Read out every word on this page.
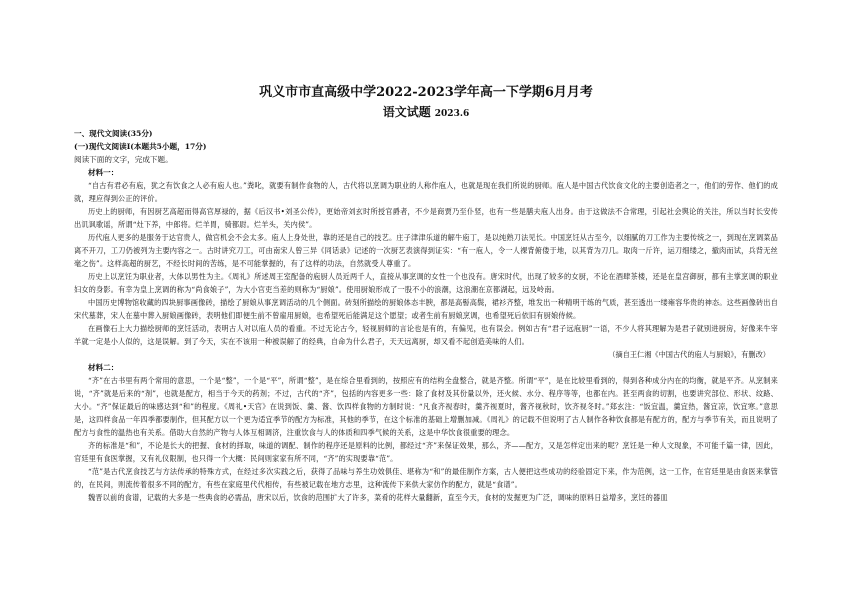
巩义市市直高级中学2022-2023学年高一下学期6月月考

语文试题 2023.6

一、现代文阅读(35分)

(一)现代文阅读I(本题共5小题，17分)

阅读下面的文字，完成下题。

材料一：

“自古有君必有庖，犹之有饮食之人必有庖人也。”粪叱，就要有制作食物的人，古代将以烹调为职业的人称作庖人，也就是现在我们所说的厨师。庖人是中国古代饮食文化的主要创造者之一，他们的劳作、他们的成就，理应得到公正的评价。

历史上的厨师，有因厨艺高超而得高官厚禄的，据《后汉书•刘圣公传》，更始帝刘玄时所授官爵者，不少是商贾乃至仆竖，也有一些是膳夫庖人出身。由于这做法不合常理，引起社会舆论的关注，所以当时长安传出讥讽歌谣，所谓“灶下养，中郎将。烂羊胃，骑都尉。烂羊头，关内侯”。

历代庖人更多的是服务于达官贵人，做官机会不会太多。庖人上身处世，靠的还是自己的技艺。庄子津津乐道的解牛庖丁，是以纯熟刀法见长。中国烹饪从古至今，以细腻的刀工作为主要传统之一，到现在烹调菜品离不开刀，工刀仍被列为主要内容之一。古时讲究刀工，可由南宋人曾三异《同话录》记述的一次厨艺表演得到证实：“有一庖人，令一人裸背俯偻于地，以其背为刀几。取肉一斤许，运刀细缕之，撤肉而试，兵背无丝毫之伤”。这样高超的厨艺，不经长时间的苦练，是不可能掌握的，有了这样的功法，自然就受人尊重了。

历史上以烹饪为职业者，大体以男性为主。《周礼》所述周王室配备的庖厨人员近两千人，直接从事烹调的女性一个也没有。唐宋时代，出现了较多的女厨，不论在酒肆茶楼，还是在皇宫御厨，都有主掌烹调的职业妇女的身影。有幸为皇上烹调的称为“尚食娘子”，为大小官吏当差的则称为“厨娘”。使用厨娘形成了一股不小的浪潮，这浪潮在京都湖起，远及岭南。

中国历史博物馆收藏的四块厨事画像砖，描绘了厨娘从事烹调活动的几个侧面。砖刻所描绘的厨娘体态丰腴，都是高髻高鬓，裙衫齐整，堆发出一种精明干练的气质，甚至透出一缕雍容华贵的神态。这些画像砖出自宋代墓葬，宋人在墓中葬入厨娘画像砖，表明他们即便生前不曾雇用厨娘，也希望死后能满足这个愿望；或者生前有厨娘烹调，也希望死后依旧有厨娘侍候。

在画像石上大力描绘厨师的烹饪活动，表明古人对以庖人员的看重。不过无论古今，轻视厨师的言论也是有的，有偏见，也有误会。例如古有“君子远庖厨”一语，不少人将其理解为是君子就别进厨房，好像来牛宰羊就一定是小人似的，这是误解。到了今天，实在不该用一种被误解了的经典，自命为什么君子，天天远离厨，却又看不起创造美味的人们。

（摘自王仁湘《中国古代的庖人与厨娘》，有删改）

材料二：

“齐”在古书里有两个常用的意思，一个是“整”，一个是“平”，所谓“整”，是在综合里看到的，按照应有的结构全盘整合，就是齐整。所谓“平”，是在比较里看到的，得到各种成分内在的均衡，就是平齐。从烹制来说，“齐”就是后来的“剂”，也就是配方，相当于今天的药剂；不过，古代的“齐”，包括的内容更多一些：除了食材及其份量以外，还火候、水分、程序等等，也都在内。甚至两食的切割，也要讲究部位、形状、纹路、大小。“齐”保证最后的味感达到“和”的程度。《周礼•天官》在说到饭、羹、酱、饮四样食物的方制时说：“凡食齐视春时，羹齐视夏时，酱齐视秋时，饮齐视冬时。”郑玄注：“饭宜温，羹宜热，酱宜凉，饮宜寒。”意思是，这四样食品一年四季都要制作，但其配方以一个更为适宜季节的配方为标准，其他的季节，在这个标准的基础上增删加减。《周礼》的记载不但说明了古人制作各种饮食都是有配方的，配方与季节有关，而且说明了配方与食性的温热也有关系。借助大自然的产物与人体互相调济，注重饮食与人的体质和四季气候的关系，这是中华饮食很重要的理念。

齐的标准是“和”，不论是长大的把握、食材的择取，味道的调配、制作的程序还是原料的比例，都经过“齐”来保证效果，那么，齐——配方，又是怎样定出来的呢？烹饪是一种人文现象，不可能千篇一律，因此，官廷里有食医掌握，又有礼仪限制，也只得一个大概：民间则家家有所不同，“齐”的实现要靠“范”。

“范”是古代烹食技艺与方法传承的特殊方式，在经过多次实践之后，获得了品味与养生功效俱佳、堪称为“和”的最佳制作方案，古人便把这些成功的经验固定下来，作为范例，这一工作，在官廷里是由食医来掌管的，在民间，则流传着很多不同的配方，有些在家庭里代代相传，有些被记载在地方志里，这种流传下来供大家仿作的配方，就是“食谱”。

魏晋以前的食谱，记载的大多是一些典食的必需品，唐宋以后，饮食的范围扩大了许多，菜肴的花样大量翻新，直至今天，食材的发掘更为广泛，调味的原料日益增多，烹饪的器皿
